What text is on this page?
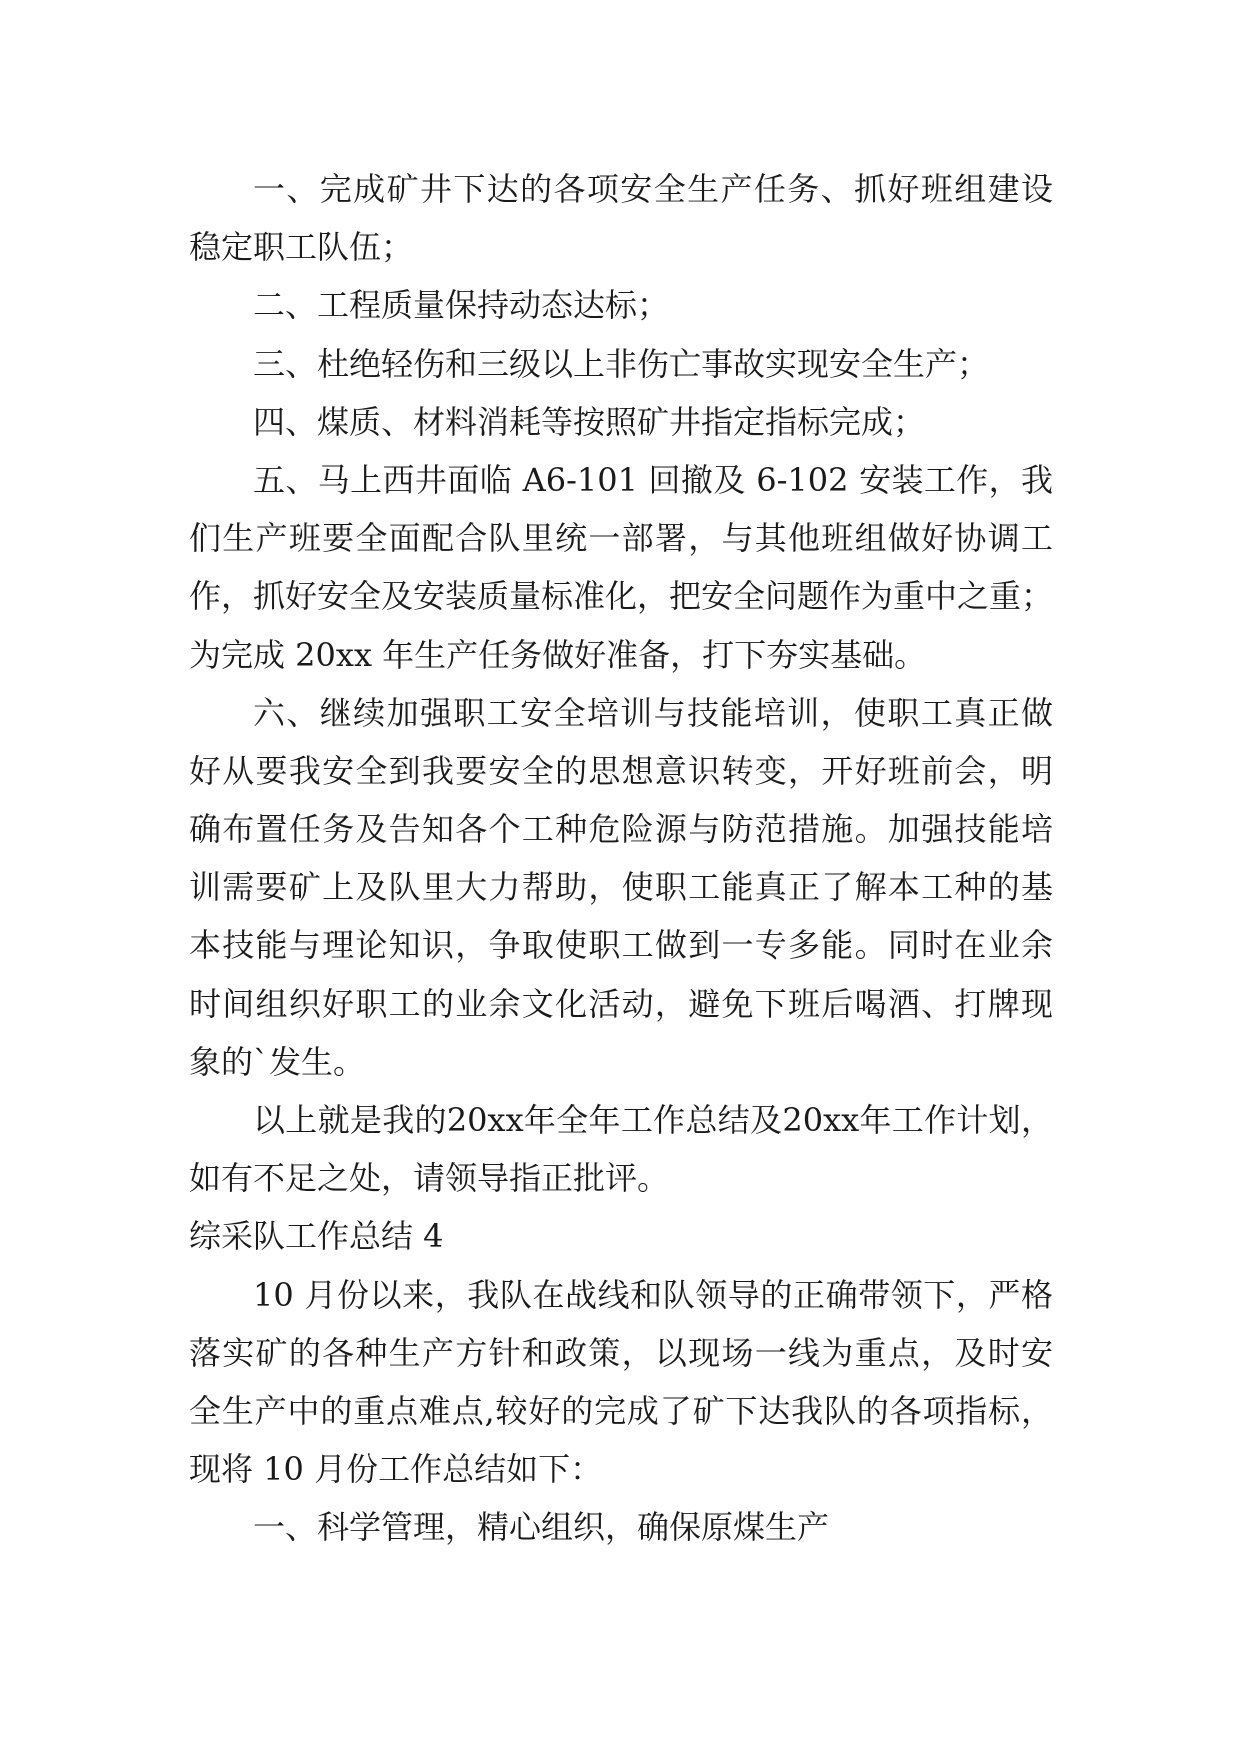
一、完成矿井下达的各项安全生产任务、抓好班组建设
稳定职工队伍；
二、工程质量保持动态达标；
三、杜绝轻伤和三级以上非伤亡事故实现安全生产；
四、煤质、材料消耗等按照矿井指定指标完成；
五、马上西井面临 A6-101 回撤及 6-102 安装工作，我
们生产班要全面配合队里统一部署，与其他班组做好协调工
作，抓好安全及安装质量标准化，把安全问题作为重中之重；
为完成 20xx 年生产任务做好准备，打下夯实基础。
六、继续加强职工安全培训与技能培训，使职工真正做
好从要我安全到我要安全的思想意识转变，开好班前会，明
确布置任务及告知各个工种危险源与防范措施。加强技能培
训需要矿上及队里大力帮助，使职工能真正了解本工种的基
本技能与理论知识，争取使职工做到一专多能。同时在业余
时间组织好职工的业余文化活动，避免下班后喝酒、打牌现
象的`发生。
以上就是我的20xx年全年工作总结及20xx年工作计划，
如有不足之处，请领导指正批评。
综采队工作总结 4
10 月份以来，我队在战线和队领导的正确带领下，严格
落实矿的各种生产方针和政策，以现场一线为重点，及时安
全生产中的重点难点,较好的完成了矿下达我队的各项指标，
现将 10 月份工作总结如下：
一、科学管理，精心组织，确保原煤生产
